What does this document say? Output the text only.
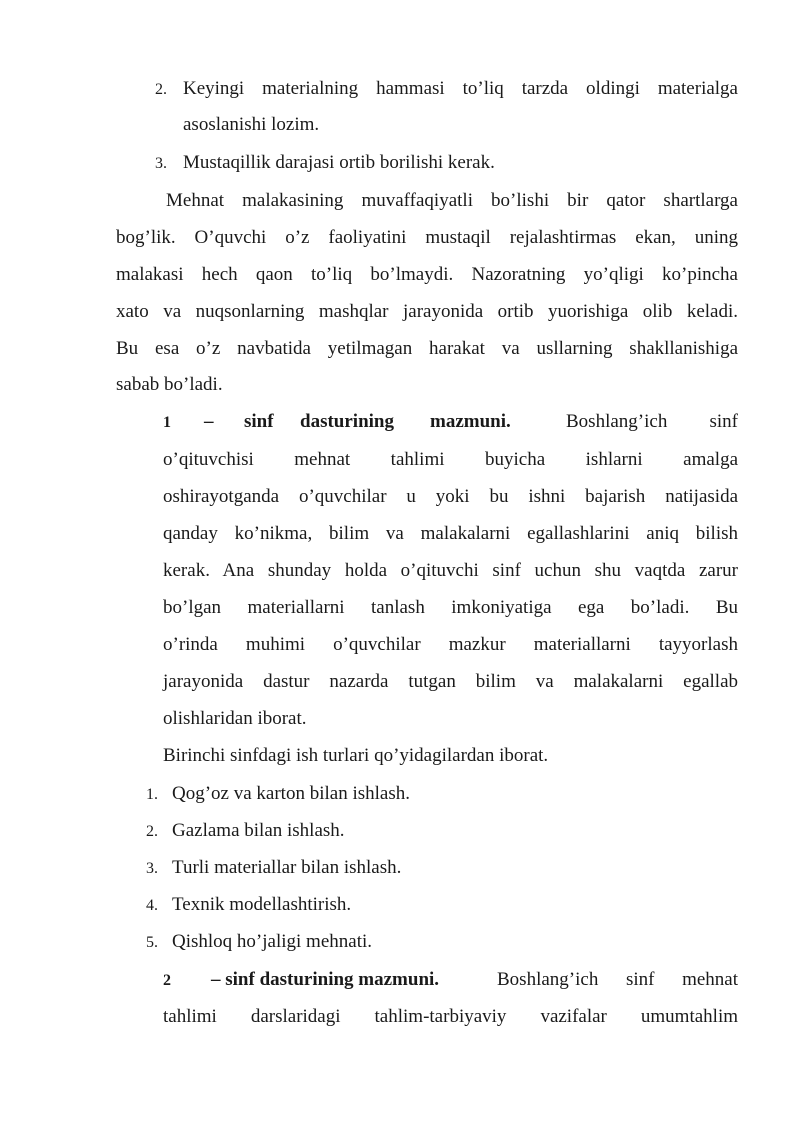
2. Keyingi materialning hammasi to’liq tarzda oldingi materialga
asoslanishi lozim.
3. Mustaqillik darajasi ortib borilishi kerak.
Mehnat malakasining muvaffaqiyatli bo’lishi bir qator shartlarga
bog’lik. O’quvchi o’z faoliyatini mustaqil rejalashtirmas ekan, uning
malakasi hech qaon to’liq bo’lmaydi. Nazoratning yo’qligi ko’pincha
xato va nuqsonlarning mashqlar jarayonida ortib yuorishiga olib keladi.
Bu esa o’z navbatida yetilmagan harakat va usllarning shakllanishiga
sabab bo’ladi.
1 – sinf dasturining mazmuni.	Boshlang’ich sinf
o’qituvchisi mehnat tahlimi buyicha ishlarni amalga
oshirayotganda o’quvchilar u yoki bu ishni bajarish natijasida
qanday ko’nikma, bilim va malakalarni egallashlarini aniq bilish
kerak. Ana shunday holda o’qituvchi sinf uchun shu vaqtda zarur
bo’lgan materiallarni tanlash imkoniyatiga ega bo’ladi. Bu
o’rinda muhimi o’quvchilar mazkur materiallarni tayyorlash
jarayonida dastur nazarda tutgan bilim va malakalarni egallab
olishlaridan iborat.
Birinchi sinfdagi ish turlari qo’yidagilardan iborat.
1. Qog’oz va karton bilan ishlash.
2. Gazlama bilan ishlash.
3. Turli materiallar bilan ishlash.
4. Texnik modellashtirish.
5. Qishloq ho’jaligi mehnati.
2 – sinf dasturining mazmuni.	Boshlang’ich sinf mehnat
tahlimi darslaridagi tahlim-tarbiyaviy vazifalar umumtahlim
